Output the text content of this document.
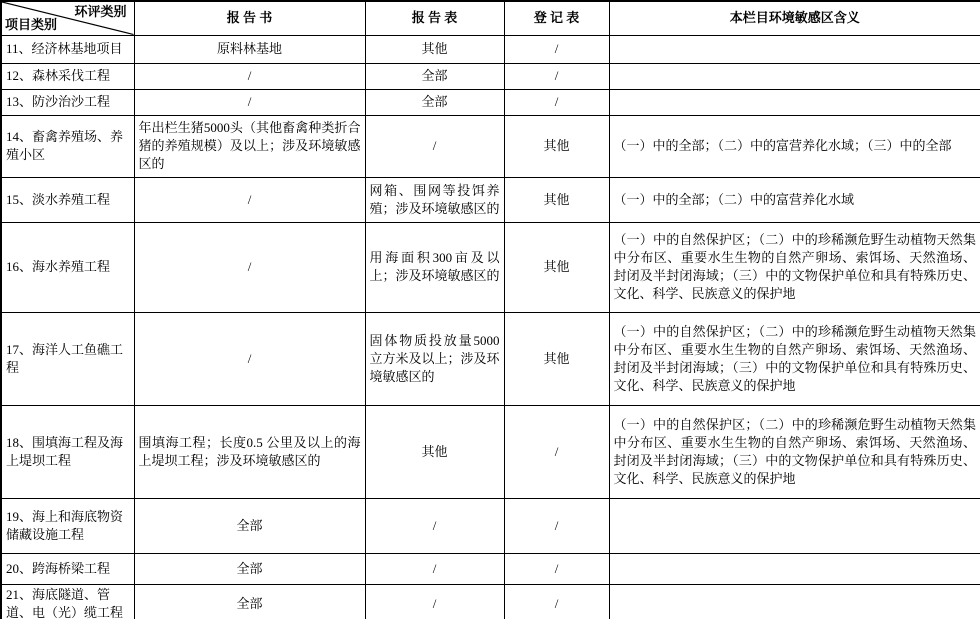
环评类别
项目类别	报 告 书	报 告 表	登 记 表	本栏目环境敏感区含义
11、经济林基地项目	原料林基地	其他	/	
12、森林采伐工程	/	全部	/	
13、防沙治沙工程	/	全部	/	
14、畜禽养殖场、养殖小区	年出栏生猪5000头（其他畜禽种类折合猪的养殖规模）及以上；涉及环境敏感区的	/	其他	（一）中的全部；（二）中的富营养化水域；（三）中的全部
15、淡水养殖工程	/	网箱、围网等投饵养殖；涉及环境敏感区的	其他	（一）中的全部；（二）中的富营养化水域
16、海水养殖工程	/	用海面积300亩及以上；涉及环境敏感区的	其他	（一）中的自然保护区；（二）中的珍稀濒危野生动植物天然集中分布区、重要水生生物的自然产卵场、索饵场、天然渔场、封闭及半封闭海域；（三）中的文物保护单位和具有特殊历史、文化、科学、民族意义的保护地
17、海洋人工鱼礁工程	/	固体物质投放量5000 立方米及以上；涉及环境敏感区的	其他	（一）中的自然保护区；（二）中的珍稀濒危野生动植物天然集中分布区、重要水生生物的自然产卵场、索饵场、天然渔场、封闭及半封闭海域；（三）中的文物保护单位和具有特殊历史、文化、科学、民族意义的保护地
18、围填海工程及海上堤坝工程	围填海工程；长度0.5 公里及以上的海上堤坝工程；涉及环境敏感区的	其他	/	（一）中的自然保护区；（二）中的珍稀濒危野生动植物天然集中分布区、重要水生生物的自然产卵场、索饵场、天然渔场、封闭及半封闭海域；（三）中的文物保护单位和具有特殊历史、文化、科学、民族意义的保护地
19、海上和海底物资储藏设施工程	全部	/	/	
20、跨海桥梁工程	全部	/	/	
21、海底隧道、管道、电（光）缆工程	全部	/	/	
